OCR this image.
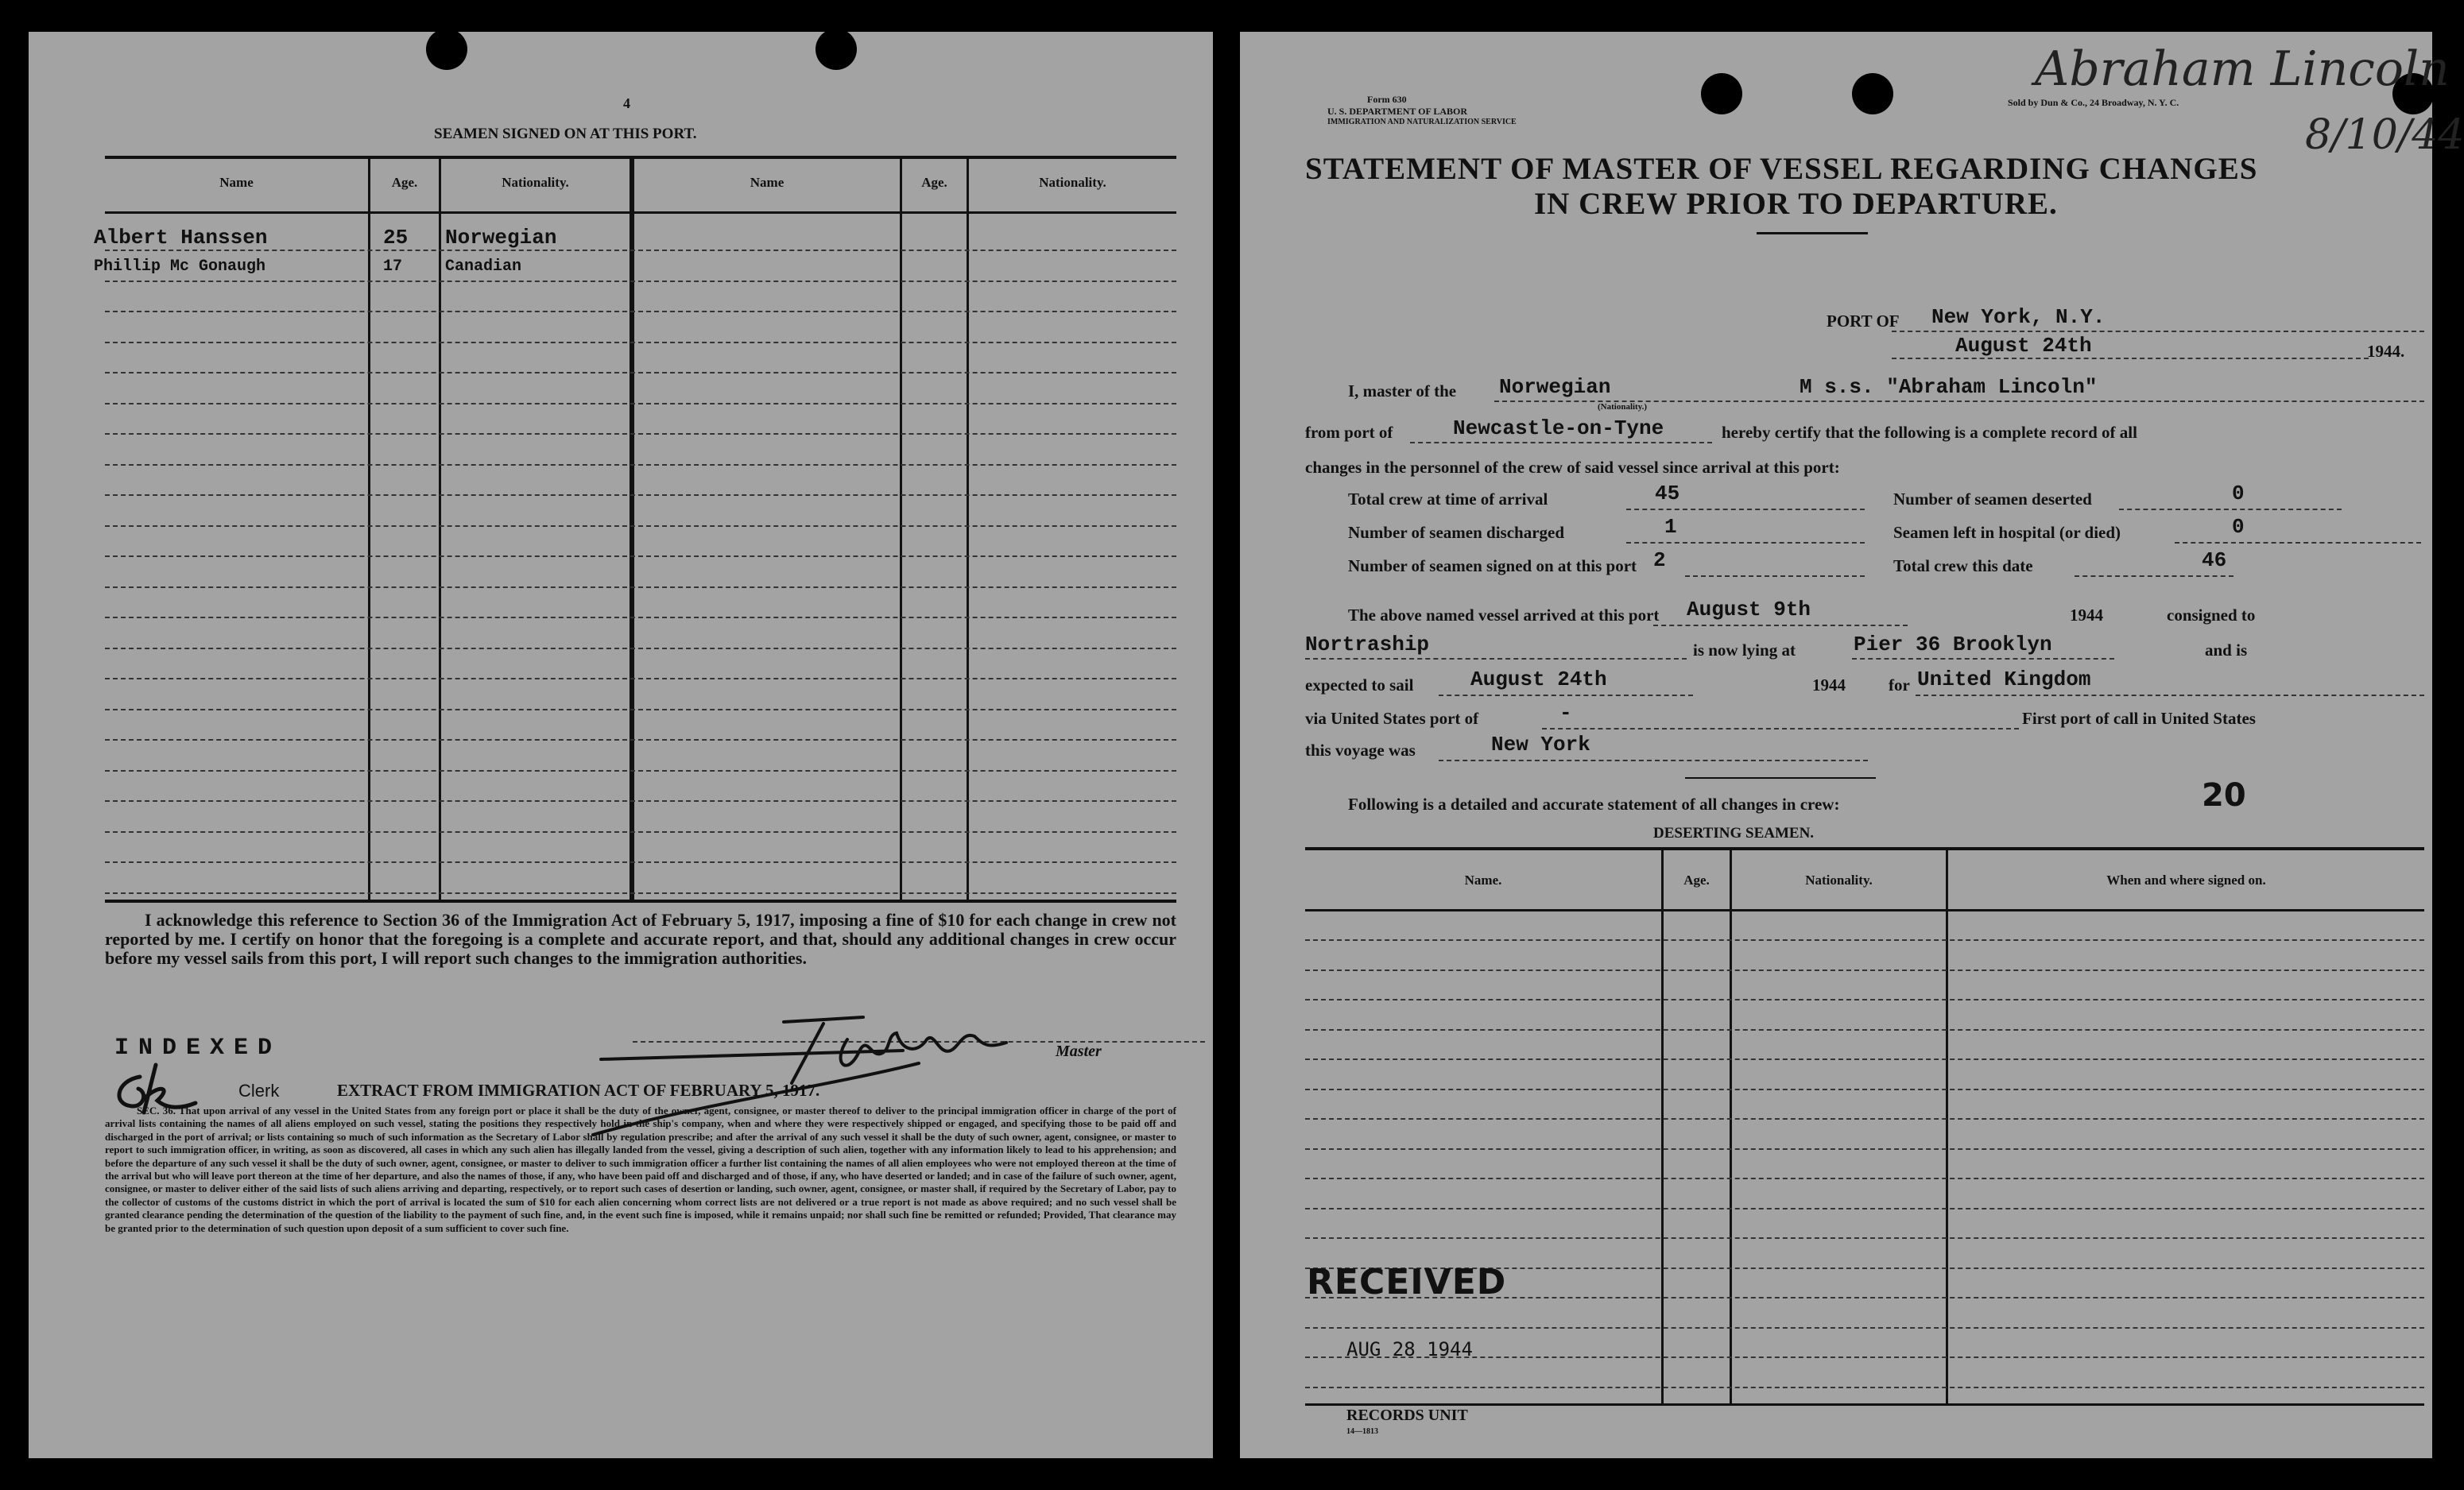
4
SEAMEN SIGNED ON AT THIS PORT.
Name	Age.	Nationality.	Name	Age.	Nationality.
Albert Hanssen	25 Norwegian
Phillip Mc Gonaugh	17	Canadian
I acknowledge this reference to Section 36 of the Immigration Act of February 5, 1917, imposing a fine of $10 for each change in crew not reported by me. I certify on honor that the foregoing is a complete and accurate report, and that, should any additional changes in crew occur before my vessel sails from this port, I will report such changes to the immigration authorities.
INDEXED
Clerk
Master
EXTRACT FROM IMMIGRATION ACT OF FEBRUARY 5, 1917.
SEC. 36. That upon arrival of any vessel in the United States from any foreign port or place it shall be the duty of the owner, agent, consignee, or master thereof to deliver to the principal immigration officer in charge of the port of arrival lists containing the names of all aliens employed on such vessel, stating the positions they respectively hold in the ship's company, when and where they were respectively shipped or engaged, and specifying those to be paid off and discharged in the port of arrival; or lists containing so much of such information as the Secretary of Labor shall by regulation prescribe; and after the arrival of any such vessel it shall be the duty of such owner, agent, consignee, or master to report to such immigration officer, in writing, as soon as discovered, all cases in which any such alien has illegally landed from the vessel, giving a description of such alien, together with any information likely to lead to his apprehension; and before the departure of any such vessel it shall be the duty of such owner, agent, consignee, or master to deliver to such immigration officer a further list containing the names of all alien employees who were not employed thereon at the time of the arrival but who will leave port thereon at the time of her departure, and also the names of those, if any, who have been paid off and discharged and of those, if any, who have deserted or landed; and in case of the failure of such owner, agent, consignee, or master to deliver either of the said lists of such aliens arriving and departing, respectively, or to report such cases of desertion or landing, such owner, agent, consignee, or master shall, if required by the Secretary of Labor, pay to the collector of customs of the customs district in which the port of arrival is located the sum of $10 for each alien concerning whom correct lists are not delivered or a true report is not made as above required; and no such vessel shall be granted clearance pending the determination of the question of the liability to the payment of such fine, and, in the event such fine is imposed, while it remains unpaid; nor shall such fine be remitted or refunded; Provided, That clearance may be granted prior to the determination of such question upon deposit of a sum sufficient to cover such fine.
Form 630
U. S. DEPARTMENT OF LABOR
IMMIGRATION AND NATURALIZATION SERVICE
Sold by Dun & Co., 24 Broadway, N. Y. C.
Abraham Lincoln
8/10/44
STATEMENT OF MASTER OF VESSEL REGARDING CHANGES
IN CREW PRIOR TO DEPARTURE.
PORT OF New York, N.Y.
August 24th	1944.
I, master of the Norwegian
(Nationality.)
M s.s. "Abraham Lincoln"
from port of	Newcastle-on-Tyne	hereby certify that the following is a complete record of all
changes in the personnel of the crew of said vessel since arrival at this port:
Total crew at time of arrival	45
Number of seamen discharged	1
Number of seamen signed on at this port 2
Number of seamen deserted	0
Seamen left in hospital (or died)	0
Total crew this date	46
The above named vessel arrived at this port August 9th	1944	consigned to
Nortraship	is now lying at	Pier 36 Brooklyn	and is
expected to sail	August 24th	1944	for United Kingdom
via United States port of	-	First port of call in United States
this voyage was	New York
Following is a detailed and accurate statement of all changes in crew:	20
DESERTING SEAMEN.
Name.	Age.	Nationality.	When and where signed on.
RECEIVED
AUG 28 1944
RECORDS UNIT
14—1813
